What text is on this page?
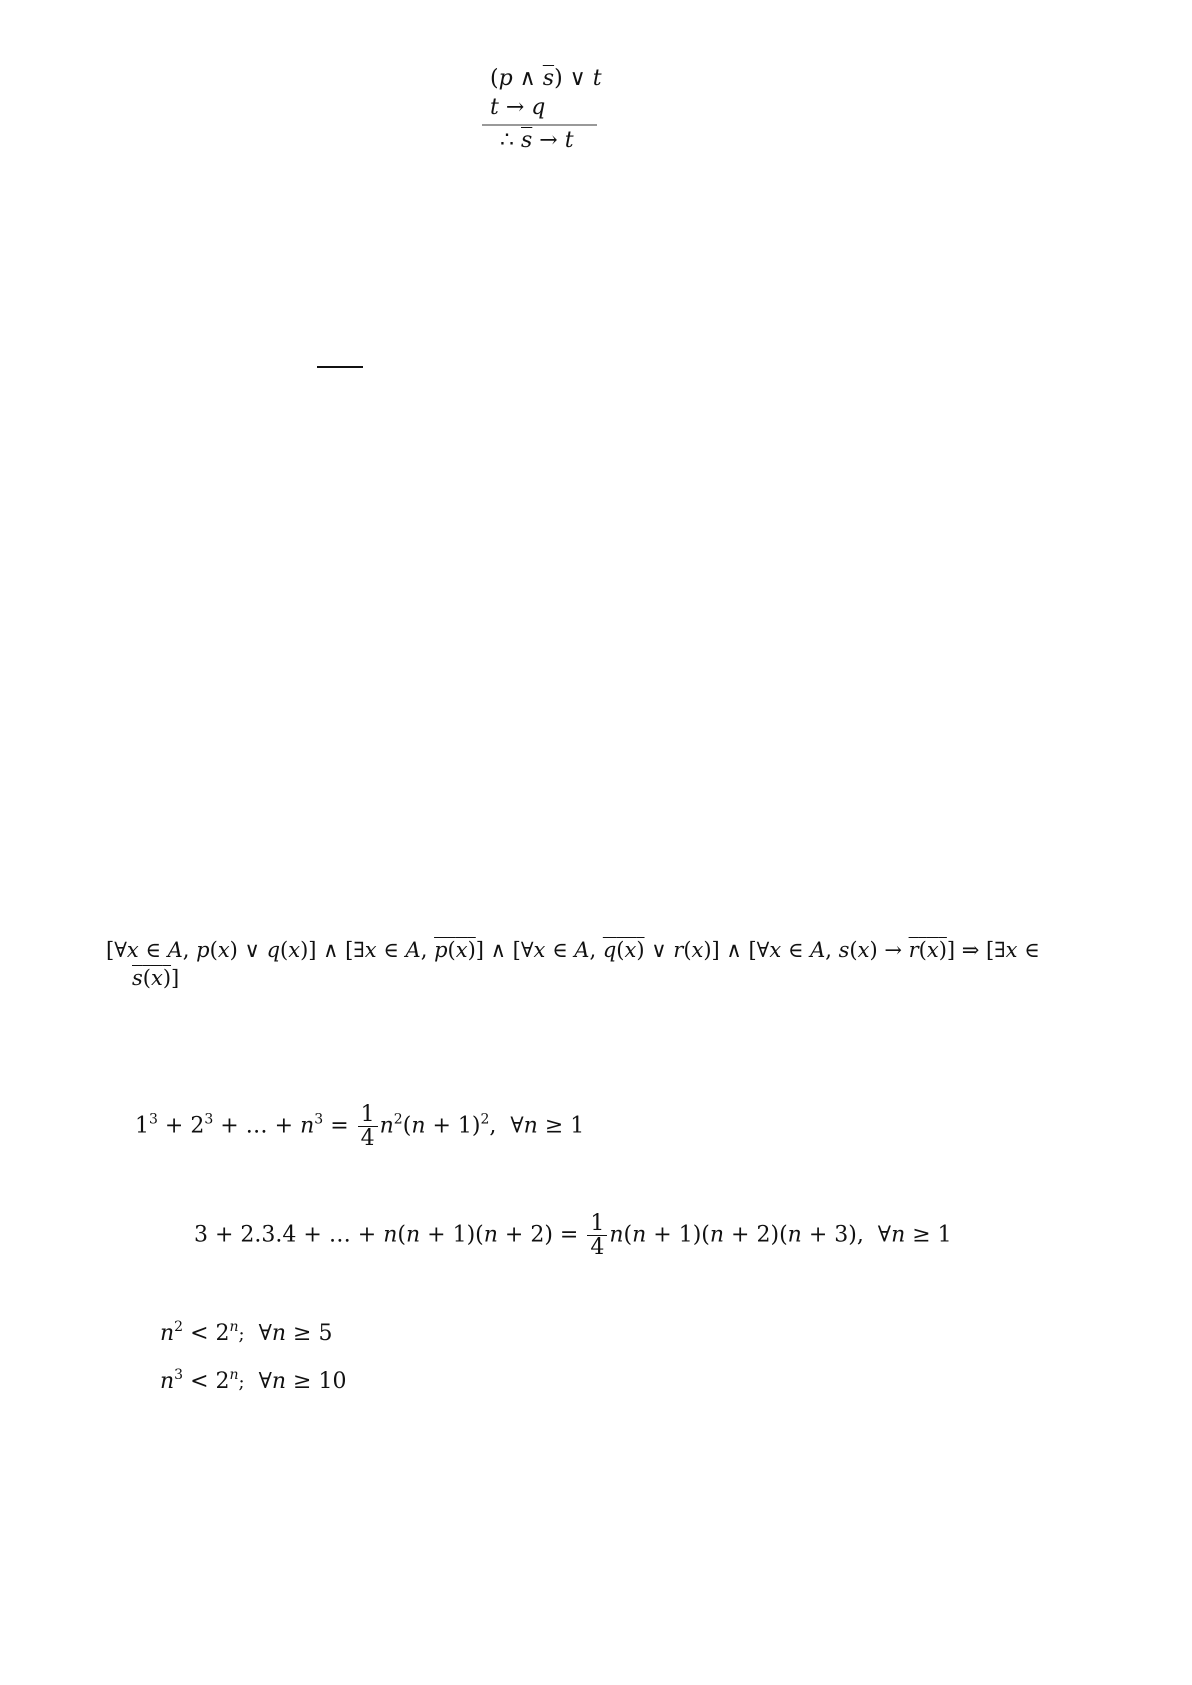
(p ∧ $\overline{s}$) ∨ t
t → q
∴ $\overline{s} \to t$
[∀x ∈ A, p(x) ∨ q(x)] ∧ [∃x ∈ A, p(x)] ∧ [∀x ∈ A, q(x) ∨ r(x)] ∧ [∀x ∈ A, s(x) → r(x)] ⇒ [∃x ∈
s(x)]
$1^3 + 2^3$ + … + $n^3 = \frac{1}{4} n^2(n + 1)^2$,  ∀n ≥ 1
3 + 2.3.4 + … + $n(n + 1)(n + 2) = \frac{1}{4} n(n + 1)(n + 2)(n + 3)$,  ∀n ≥ 1
$n^2 < 2^n$;  ∀n ≥ 5
$n^3 < 2^n$;  ∀n ≥ 10
